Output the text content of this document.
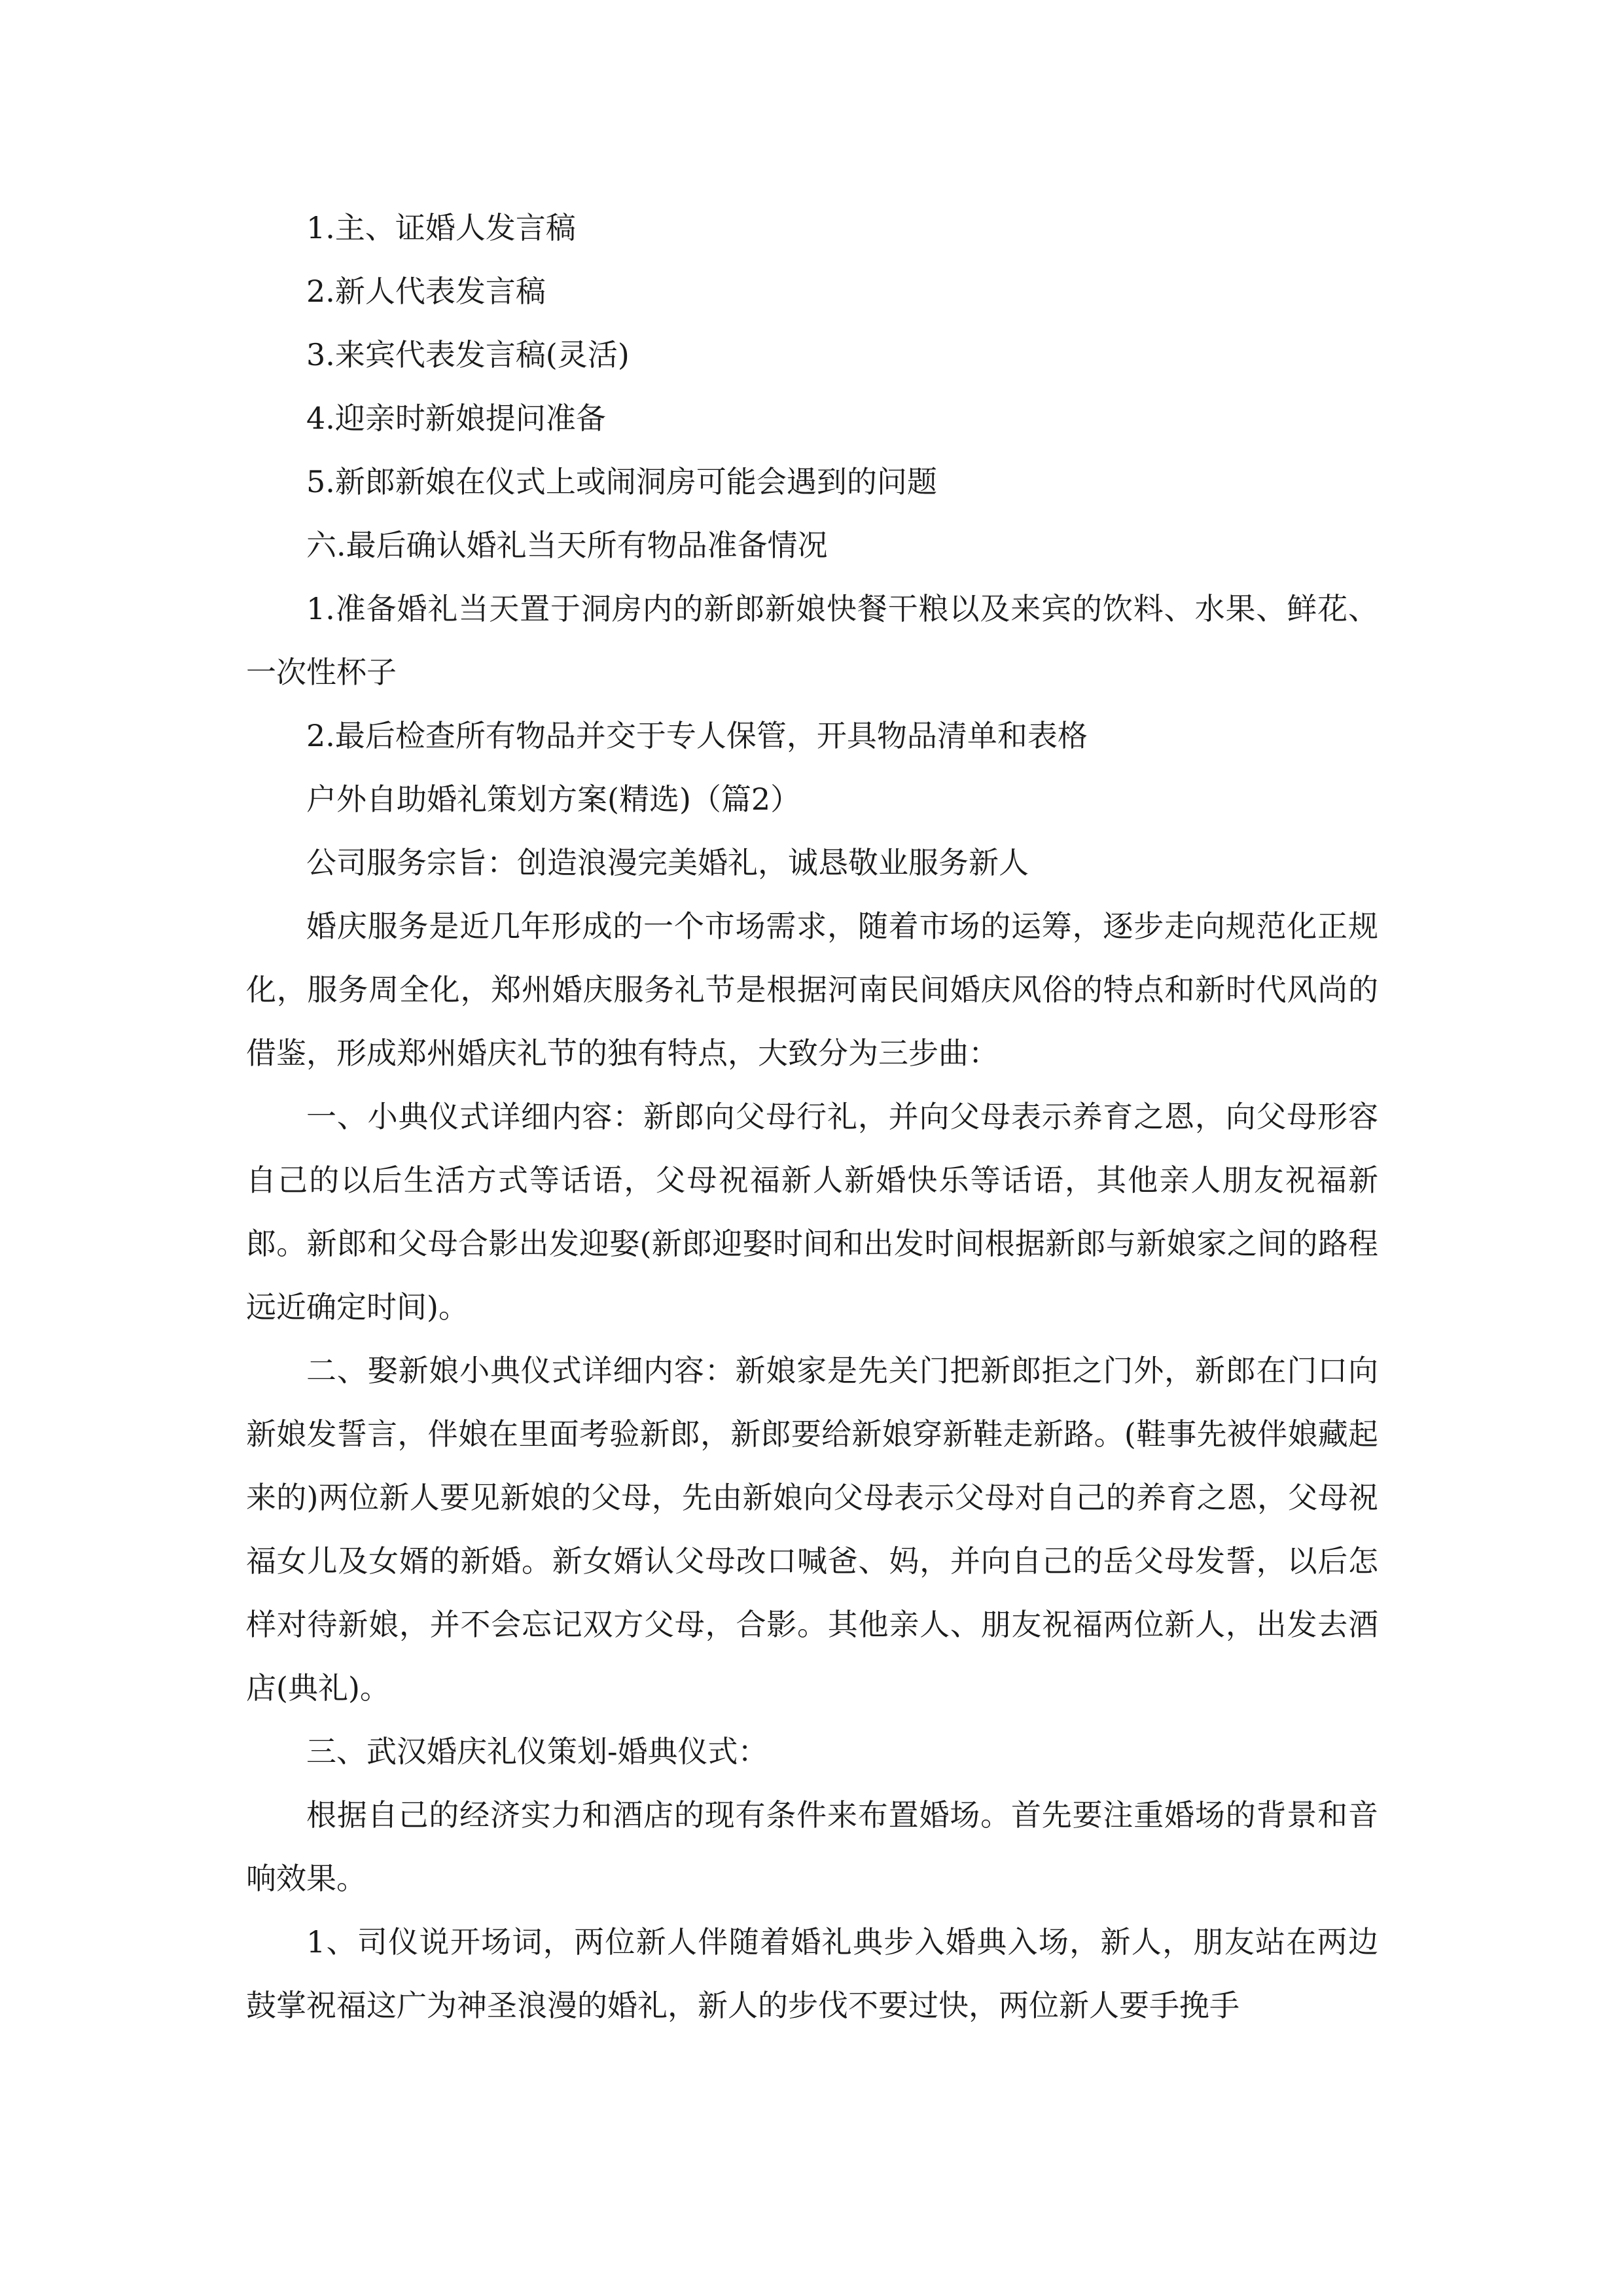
1.主、证婚人发言稿

2.新人代表发言稿

3.来宾代表发言稿(灵活)

4.迎亲时新娘提问准备

5.新郎新娘在仪式上或闹洞房可能会遇到的问题

六.最后确认婚礼当天所有物品准备情况

1.准备婚礼当天置于洞房内的新郎新娘快餐干粮以及来宾的饮料、水果、鲜花、一次性杯子

2.最后检查所有物品并交于专人保管，开具物品清单和表格

户外自助婚礼策划方案(精选)（篇2）

公司服务宗旨：创造浪漫完美婚礼，诚恳敬业服务新人

婚庆服务是近几年形成的一个市场需求，随着市场的运筹，逐步走向规范化正规化，服务周全化，郑州婚庆服务礼节是根据河南民间婚庆风俗的特点和新时代风尚的借鉴，形成郑州婚庆礼节的独有特点，大致分为三步曲：

一、小典仪式详细内容：新郎向父母行礼，并向父母表示养育之恩，向父母形容自己的以后生活方式等话语，父母祝福新人新婚快乐等话语，其他亲人朋友祝福新郎。新郎和父母合影出发迎娶(新郎迎娶时间和出发时间根据新郎与新娘家之间的路程远近确定时间)。

二、娶新娘小典仪式详细内容：新娘家是先关门把新郎拒之门外，新郎在门口向新娘发誓言，伴娘在里面考验新郎，新郎要给新娘穿新鞋走新路。(鞋事先被伴娘藏起来的)两位新人要见新娘的父母，先由新娘向父母表示父母对自己的养育之恩，父母祝福女儿及女婿的新婚。新女婿认父母改口喊爸、妈，并向自己的岳父母发誓，以后怎样对待新娘，并不会忘记双方父母，合影。其他亲人、朋友祝福两位新人，出发去酒店(典礼)。

三、武汉婚庆礼仪策划-婚典仪式：

根据自己的经济实力和酒店的现有条件来布置婚场。首先要注重婚场的背景和音响效果。

1、司仪说开场词，两位新人伴随着婚礼典步入婚典入场，新人，朋友站在两边鼓掌祝福这广为神圣浪漫的婚礼，新人的步伐不要过快，两位新人要手挽手
